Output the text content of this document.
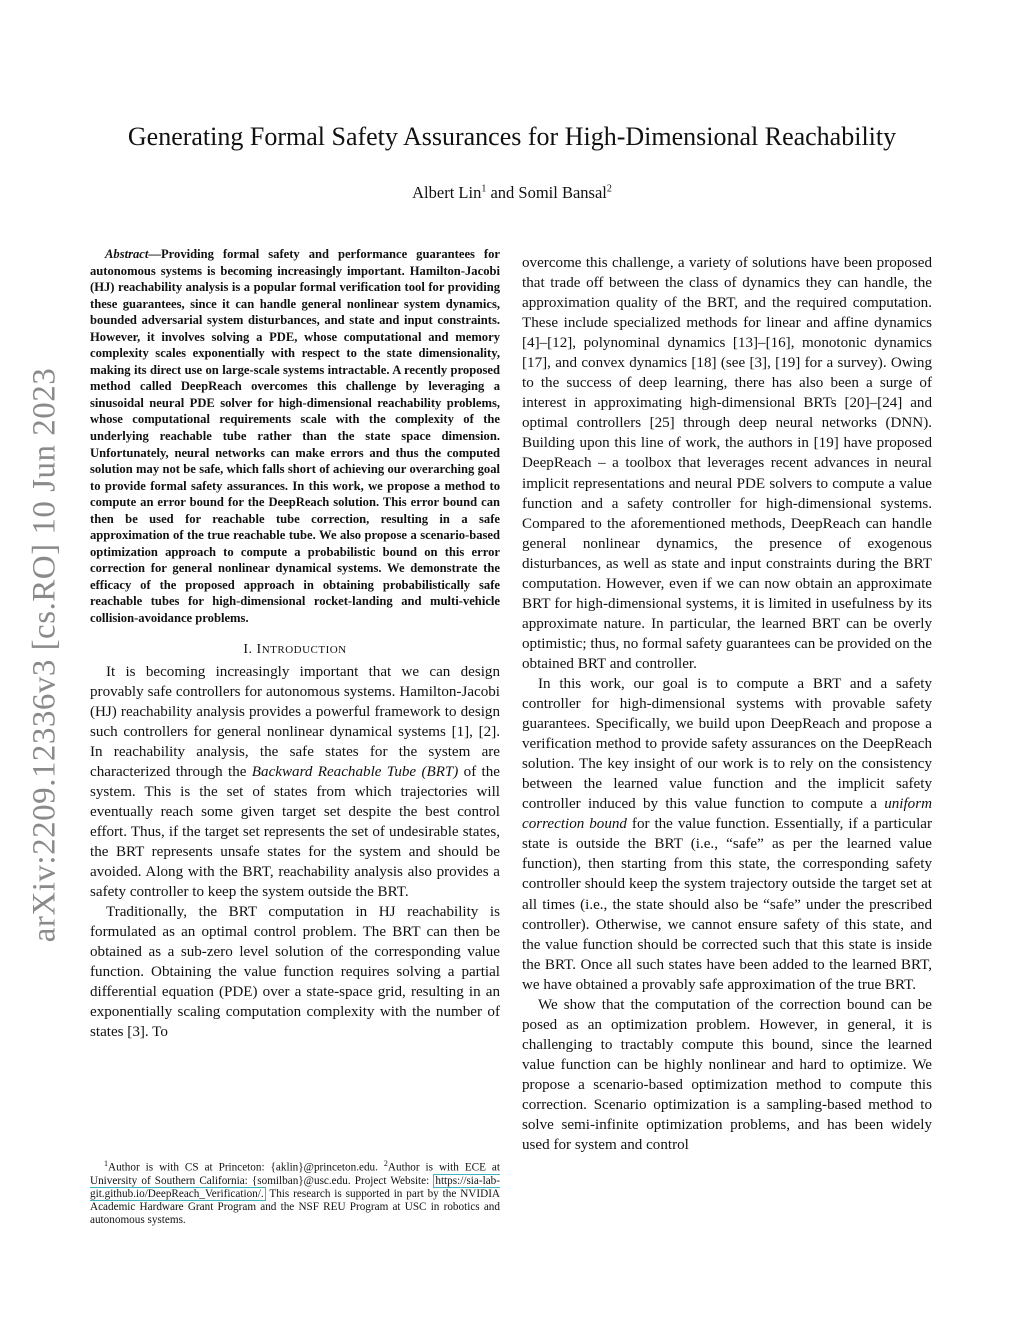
arXiv:2209.12336v3 [cs.RO] 10 Jun 2023
Generating Formal Safety Assurances for High-Dimensional Reachability
Albert Lin$^1$ and Somil Bansal$^2$

Abstract—Providing formal safety and performance guarantees for autonomous systems is becoming increasingly important. Hamilton-Jacobi (HJ) reachability analysis is a popular formal verification tool for providing these guarantees, since it can handle general nonlinear system dynamics, bounded adversarial system disturbances, and state and input constraints. However, it involves solving a PDE, whose computational and memory complexity scales exponentially with respect to the state dimensionality, making its direct use on large-scale systems intractable. A recently proposed method called DeepReach overcomes this challenge by leveraging a sinusoidal neural PDE solver for high-dimensional reachability problems, whose computational requirements scale with the complexity of the underlying reachable tube rather than the state space dimension. Unfortunately, neural networks can make errors and thus the computed solution may not be safe, which falls short of achieving our overarching goal to provide formal safety assurances. In this work, we propose a method to compute an error bound for the DeepReach solution. This error bound can then be used for reachable tube correction, resulting in a safe approximation of the true reachable tube. We also propose a scenario-based optimization approach to compute a probabilistic bound on this error correction for general nonlinear dynamical systems. We demonstrate the efficacy of the proposed approach in obtaining probabilistically safe reachable tubes for high-dimensional rocket-landing and multi-vehicle collision-avoidance problems.

I. INTRODUCTION

It is becoming increasingly important that we can design provably safe controllers for autonomous systems. Hamilton-Jacobi (HJ) reachability analysis provides a powerful framework to design such controllers for general nonlinear dynamical systems [1], [2]. In reachability analysis, the safe states for the system are characterized through the Backward Reachable Tube (BRT) of the system. This is the set of states from which trajectories will eventually reach some given target set despite the best control effort. Thus, if the target set represents the set of undesirable states, the BRT represents unsafe states for the system and should be avoided. Along with the BRT, reachability analysis also provides a safety controller to keep the system outside the BRT.

Traditionally, the BRT computation in HJ reachability is formulated as an optimal control problem. The BRT can then be obtained as a sub-zero level solution of the corresponding value function. Obtaining the value function requires solving a partial differential equation (PDE) over a state-space grid, resulting in an exponentially scaling computation complexity with the number of states [3]. To

$^1$Author is with CS at Princeton: {aklin}@princeton.edu. $^2$Author is with ECE at University of Southern California: {somilban}@usc.edu. Project Website: https://sia-lab-git.github.io/DeepReach_Verification/. This research is supported in part by the NVIDIA Academic Hardware Grant Program and the NSF REU Program at USC in robotics and autonomous systems.

overcome this challenge, a variety of solutions have been proposed that trade off between the class of dynamics they can handle, the approximation quality of the BRT, and the required computation. These include specialized methods for linear and affine dynamics [4]–[12], polynominal dynamics [13]–[16], monotonic dynamics [17], and convex dynamics [18] (see [3], [19] for a survey). Owing to the success of deep learning, there has also been a surge of interest in approximating high-dimensional BRTs [20]–[24] and optimal controllers [25] through deep neural networks (DNN). Building upon this line of work, the authors in [19] have proposed DeepReach – a toolbox that leverages recent advances in neural implicit representations and neural PDE solvers to compute a value function and a safety controller for high-dimensional systems. Compared to the aforementioned methods, DeepReach can handle general nonlinear dynamics, the presence of exogenous disturbances, as well as state and input constraints during the BRT computation. However, even if we can now obtain an approximate BRT for high-dimensional systems, it is limited in usefulness by its approximate nature. In particular, the learned BRT can be overly optimistic; thus, no formal safety guarantees can be provided on the obtained BRT and controller.

In this work, our goal is to compute a BRT and a safety controller for high-dimensional systems with provable safety guarantees. Specifically, we build upon DeepReach and propose a verification method to provide safety assurances on the DeepReach solution. The key insight of our work is to rely on the consistency between the learned value function and the implicit safety controller induced by this value function to compute a uniform correction bound for the value function. Essentially, if a particular state is outside the BRT (i.e., “safe” as per the learned value function), then starting from this state, the corresponding safety controller should keep the system trajectory outside the target set at all times (i.e., the state should also be “safe” under the prescribed controller). Otherwise, we cannot ensure safety of this state, and the value function should be corrected such that this state is inside the BRT. Once all such states have been added to the learned BRT, we have obtained a provably safe approximation of the true BRT.

We show that the computation of the correction bound can be posed as an optimization problem. However, in general, it is challenging to tractably compute this bound, since the learned value function can be highly nonlinear and hard to optimize. We propose a scenario-based optimization method to compute this correction. Scenario optimization is a sampling-based method to solve semi-infinite optimization problems, and has been widely used for system and control
